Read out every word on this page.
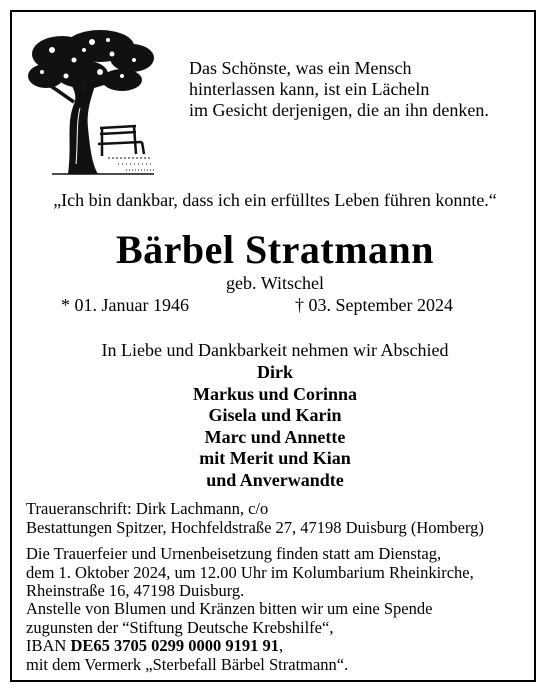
Das Schönste, was ein Mensch
hinterlassen kann, ist ein Lächeln
im Gesicht derjenigen, die an ihn denken.
„Ich bin dankbar, dass ich ein erfülltes Leben führen konnte.“
Bärbel Stratmann
geb. Witschel
* 01. Januar 1946	† 03. September 2024
In Liebe und Dankbarkeit nehmen wir Abschied
Dirk
Markus und Corinna
Gisela und Karin
Marc und Annette
mit Merit und Kian
und Anverwandte
Traueranschrift: Dirk Lachmann, c/o
Bestattungen Spitzer, Hochfeldstraße 27, 47198 Duisburg (Homberg)
Die Trauerfeier und Urnenbeisetzung finden statt am Dienstag,
dem 1. Oktober 2024, um 12.00 Uhr im Kolumbarium Rheinkirche,
Rheinstraße 16, 47198 Duisburg.
Anstelle von Blumen und Kränzen bitten wir um eine Spende
zugunsten der “Stiftung Deutsche Krebshilfe“,
IBAN DE65 3705 0299 0000 9191 91,
mit dem Vermerk „Sterbefall Bärbel Stratmann“.
